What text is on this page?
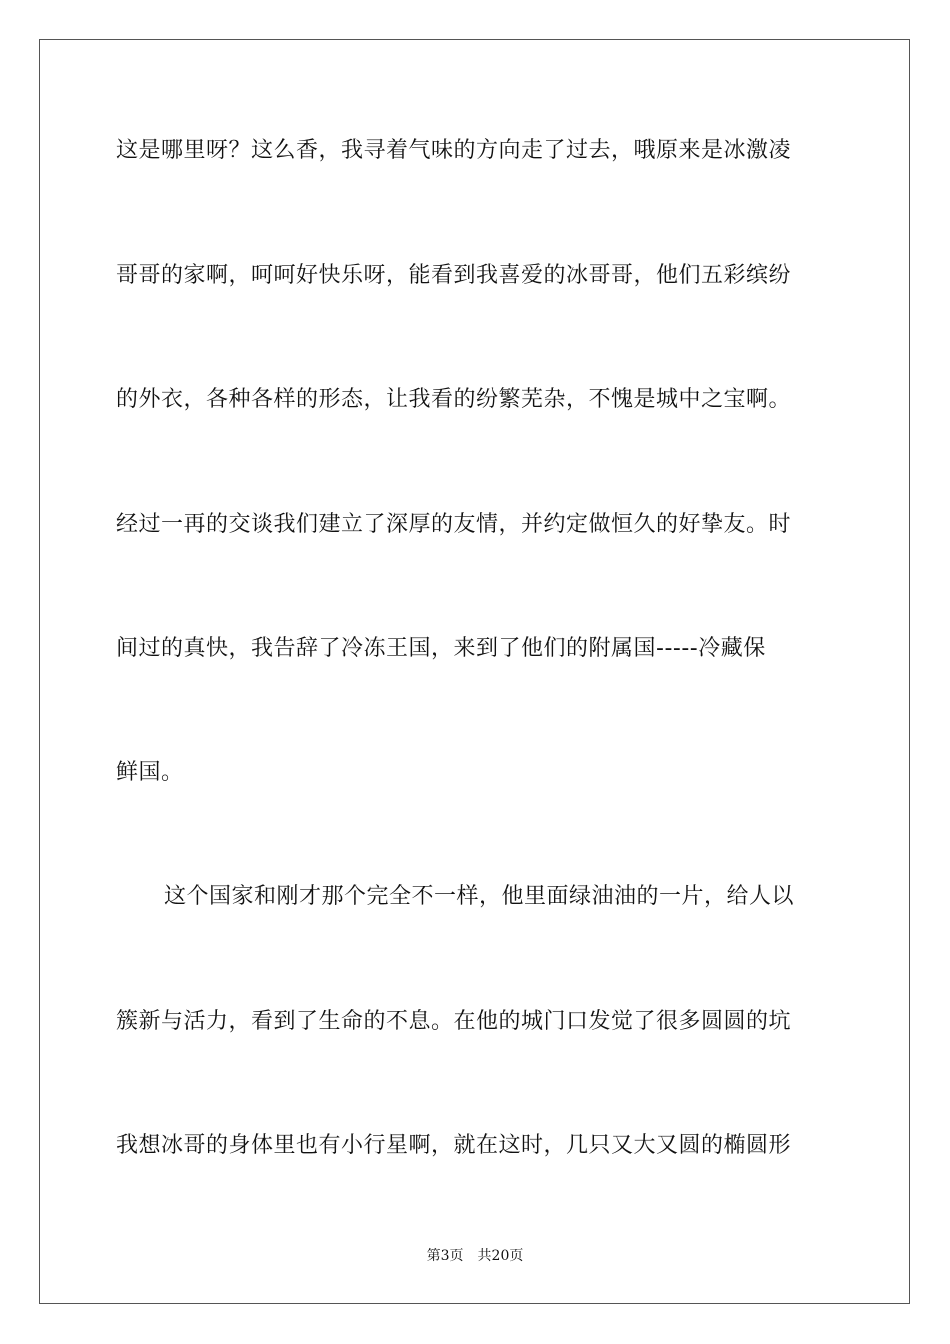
这是哪里呀？这么香，我寻着气味的方向走了过去，哦原来是冰激凌
哥哥的家啊，呵呵好快乐呀，能看到我喜爱的冰哥哥，他们五彩缤纷
的外衣，各种各样的形态，让我看的纷繁芜杂，不愧是城中之宝啊。
经过一再的交谈我们建立了深厚的友情，并约定做恒久的好挚友。时
间过的真快，我告辞了冷冻王国，来到了他们的附属国-----冷藏保
鲜国。
这个国家和刚才那个完全不一样，他里面绿油油的一片，给人以
簇新与活力，看到了生命的不息。在他的城门口发觉了很多圆圆的坑
我想冰哥的身体里也有小行星啊，就在这时，几只又大又圆的椭圆形
第3页 共20页
